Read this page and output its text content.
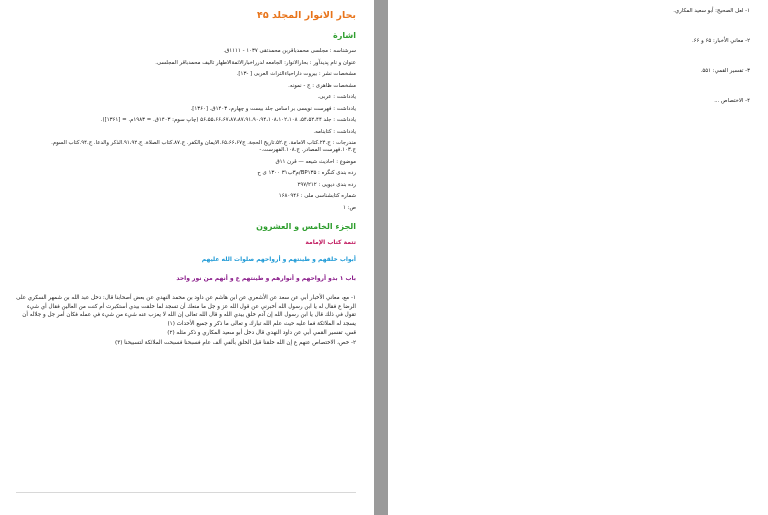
بحار الانوار المجلد ۴۵
اشارة
سرشناسه : مجلسی محمدباقربن محمدتقی ۱۰۳۷ - ۱۱۱۱ق.
عنوان و نام پدیدآور : بحارالانوار: الجامعه لدرراخبارالائمةالاطهار تالیف محمدباقر المجلسی.
مشخصات نشر : بیروت داراحیاءالتراث العربی [ -۱۳].
مشخصات ظاهری : ج - نمونه.
یادداشت : عربی.
یادداشت : فهرست نویسی بر اساس جلد بیست و چهارم، ۱۴۰۳ق. [۱۳۶۰].
یادداشت : جلد ۵۴،۵۲،۴۴، ۵۶،۵۵،۶۶،۶۷،۸۷،۸۷،۹۱،۹۰،۹۴،۱۰۸،۱۰۲،۱۰۸ (چاپ سوم: ۱۴۰۳ق. = ۱۹۸۳م. = [۱۳۶۱]).
یادداشت : کتابنامه.
مندرجات : ج.۲۴.کتاب الامامة. ج.۵۲.تاریخ الحجة. ج۶۵،۶۶،۶۷.الایمان والکفر. ج.۸۷.کتاب الصلاة. ج.۹۱،۹۲.الذکر والدعا. ج.۹۴.کتاب السوم. ج.۱۰۳.فهرست المصادر. ج.۱۰۸.الفهرست.-
موضوع : احادیث شیعه — قرن ۱۱ق
رده بندی کنگره : BP۱۳۵/م۳ب۳۱ ۱۳۰۰ ی ح
رده بندی دیویی : ۲۹۷/۲۱۲
شماره کتابشناسی ملی : ۱۶۸۰۹۴۶
ص: ۱
الجزء الخامس و العشرون
تتمة كتاب الإمامة
أبواب خلقهم و طينتهم و أرواحهم صلوات الله عليهم
باب ۱ بدو أرواحهم و أنوارهم و طينتهم ع و أنهم من نور واحد

۱- مع، معاني الأخبار أبي عن سعد عن الأشعري عن ابن هاشم عن داود بن محمد النهدي عن بعض أصحابنا قال: دخل عبد الله بن شمهر السكري على الرضا ع فقال له يا ابن رسول الله أخبرني عن قول الله عز و جل ما منعك أن تسجد لما خلقت بيدي أستكبرت أم كنت من العالين فقال أي شيء تقول في ذلك قال يا ابن رسول الله إن آدم خلق بيدي الله و قال الله تعالى إن الله لا يعزب عنه شيء من شيء في عمله فكان أمر جل و جلاله أن يسجد له الملائكة فما عليه حيث علم الله تبارك و تعالى ما ذكر و جميع الأحداث (۱)

قس، تفسير القمي أبي عن داود النهدي قال دخل أبو سعيد المكاري و ذكر مثله (۲)

۲- خص، الاختصاص عنهم ع إن الله خلقنا قبل الخلق بألفي ألف عام فسبحنا فسبحت الملائكة لتسبيحنا (۳)

۱- لعل الصحيح: أبو سعيد المكاري.
۲- معاني الأخبار: ۶۵ و ۶۶.
۳- تفسير القمي: ۵۵۱.
۴- الاختصاص ...
